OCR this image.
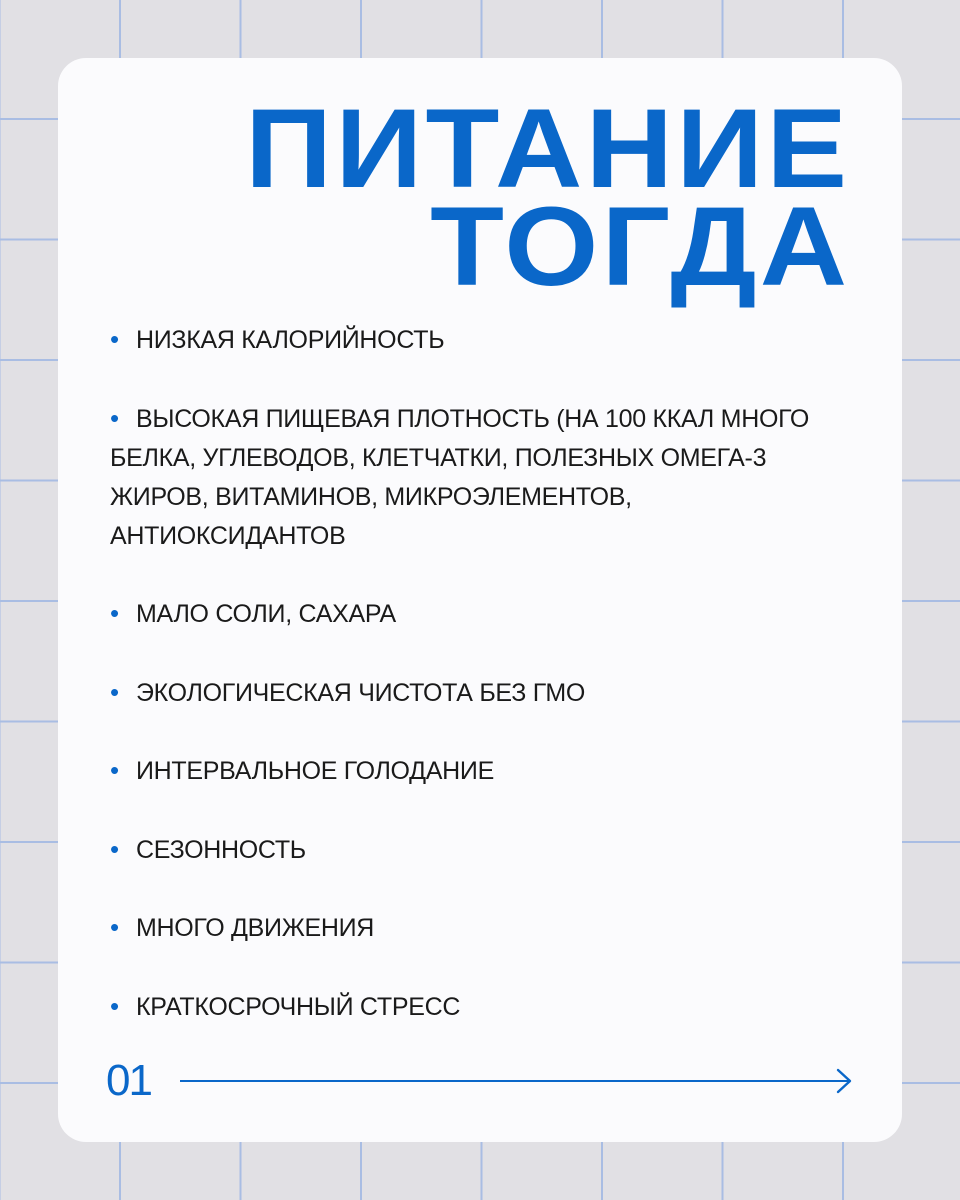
ПИТАНИЕ
ТОГДА
• НИЗКАЯ КАЛОРИЙНОСТЬ
• ВЫСОКАЯ ПИЩЕВАЯ ПЛОТНОСТЬ (НА 100 ККАЛ МНОГО БЕЛКА, УГЛЕВОДОВ, КЛЕТЧАТКИ, ПОЛЕЗНЫХ ОМЕГА-3 ЖИРОВ, ВИТАМИНОВ, МИКРОЭЛЕМЕНТОВ, АНТИОКСИДАНТОВ
• МАЛО СОЛИ, САХАРА
• ЭКОЛОГИЧЕСКАЯ ЧИСТОТА БЕЗ ГМО
• ИНТЕРВАЛЬНОЕ ГОЛОДАНИЕ
• СЕЗОННОСТЬ
• МНОГО ДВИЖЕНИЯ
• КРАТКОСРОЧНЫЙ СТРЕСС
01
